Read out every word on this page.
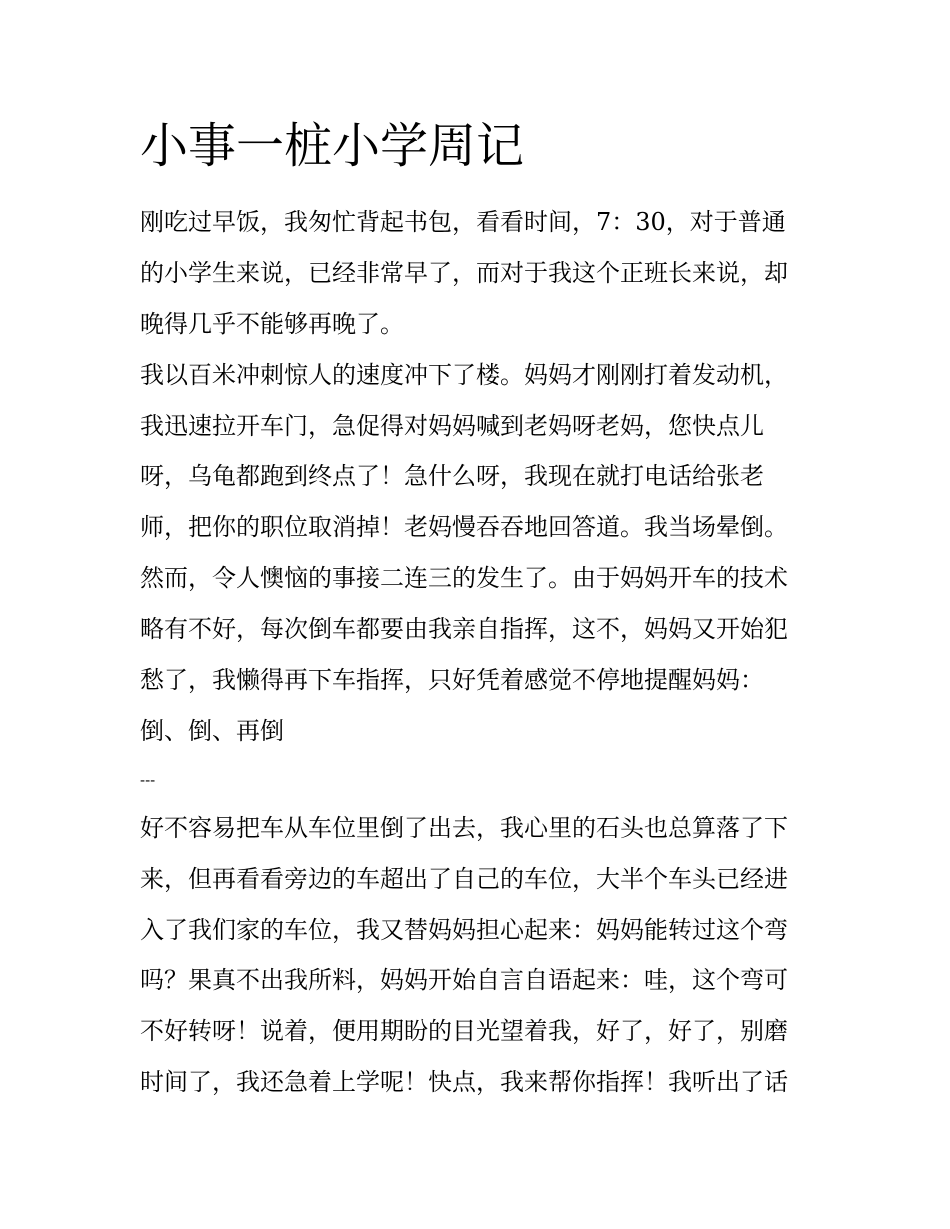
小事一桩小学周记
刚吃过早饭，我匆忙背起书包，看看时间，7：30，对于普通
的小学生来说，已经非常早了，而对于我这个正班长来说，却
晚得几乎不能够再晚了。
我以百米冲刺惊人的速度冲下了楼。妈妈才刚刚打着发动机，
我迅速拉开车门，急促得对妈妈喊到老妈呀老妈，您快点儿
呀，乌龟都跑到终点了！急什么呀，我现在就打电话给张老
师，把你的职位取消掉！老妈慢吞吞地回答道。我当场晕倒。
然而，令人懊恼的事接二连三的发生了。由于妈妈开车的技术
略有不好，每次倒车都要由我亲自指挥，这不，妈妈又开始犯
愁了，我懒得再下车指挥，只好凭着感觉不停地提醒妈妈：
倒、倒、再倒
---
好不容易把车从车位里倒了出去，我心里的石头也总算落了下
来，但再看看旁边的车超出了自己的车位，大半个车头已经进
入了我们家的车位，我又替妈妈担心起来：妈妈能转过这个弯
吗？果真不出我所料，妈妈开始自言自语起来：哇，这个弯可
不好转呀！说着，便用期盼的目光望着我，好了，好了，别磨
时间了，我还急着上学呢！快点，我来帮你指挥！我听出了话
